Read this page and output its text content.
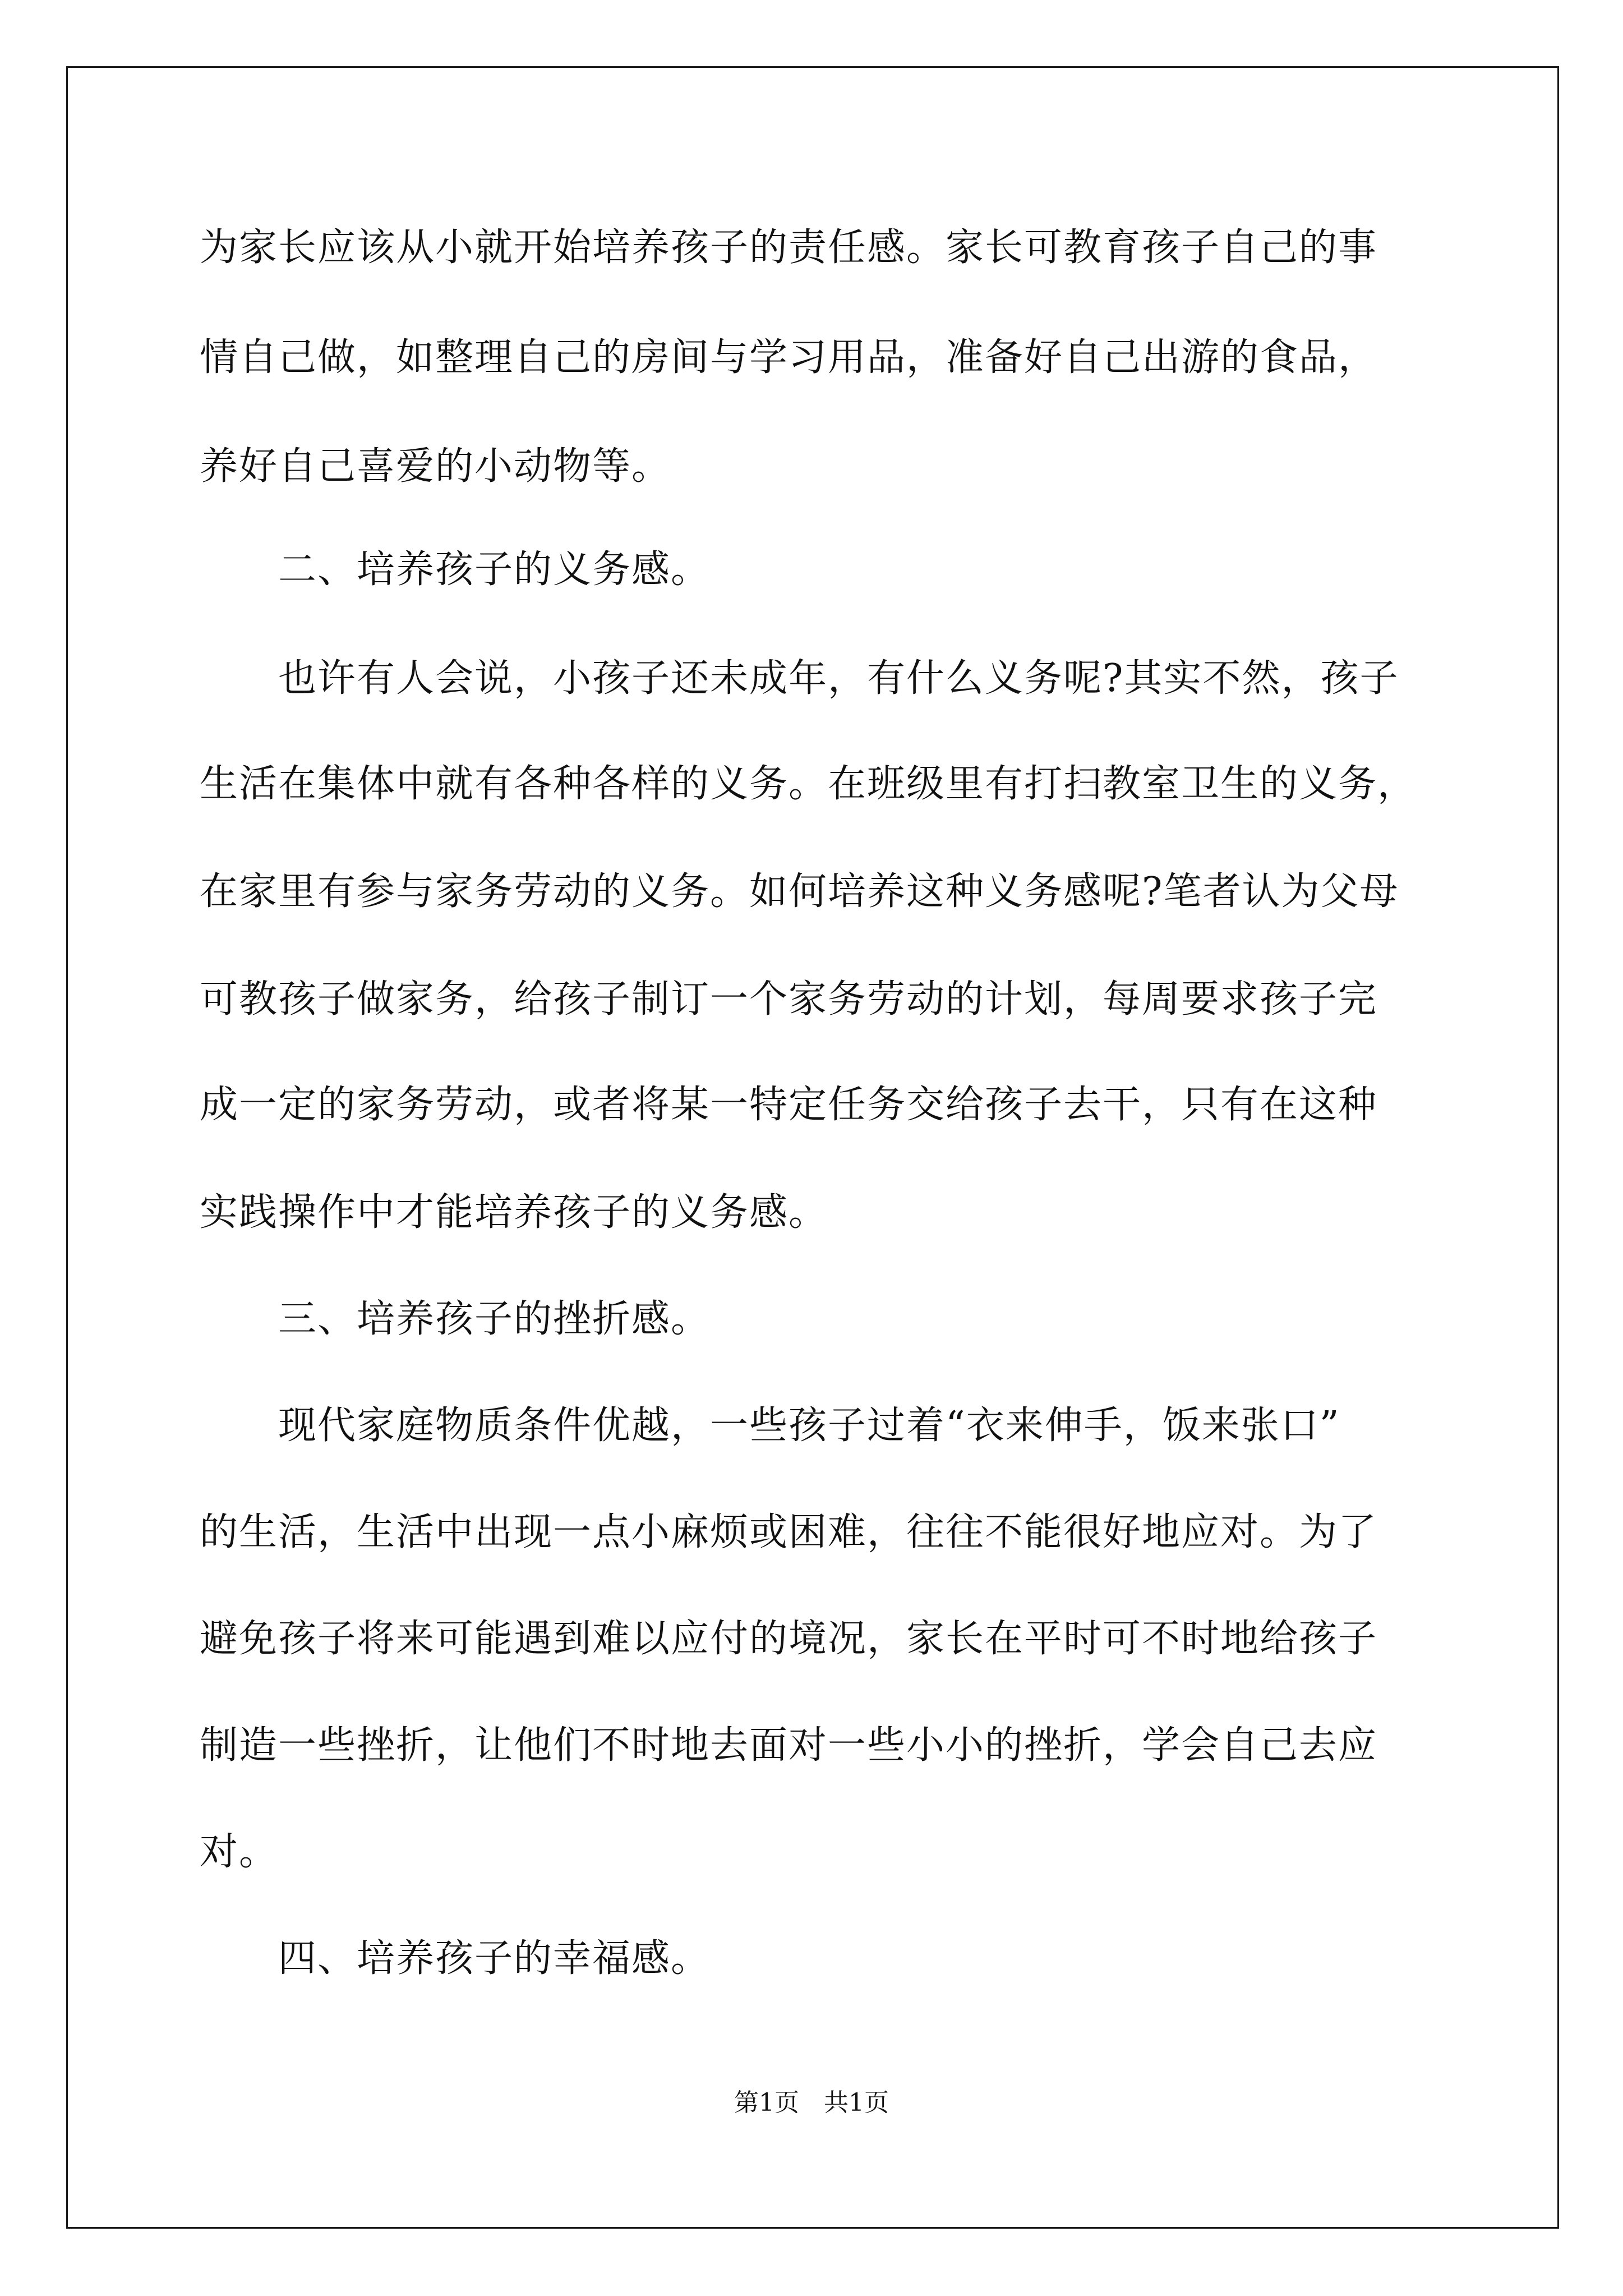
为家长应该从小就开始培养孩子的责任感。家长可教育孩子自己的事
情自己做，如整理自己的房间与学习用品，准备好自己出游的食品，
养好自己喜爱的小动物等。
　　二、培养孩子的义务感。
　　也许有人会说，小孩子还未成年，有什么义务呢?其实不然，孩子
生活在集体中就有各种各样的义务。在班级里有打扫教室卫生的义务，
在家里有参与家务劳动的义务。如何培养这种义务感呢?笔者认为父母
可教孩子做家务，给孩子制订一个家务劳动的计划，每周要求孩子完
成一定的家务劳动，或者将某一特定任务交给孩子去干，只有在这种
实践操作中才能培养孩子的义务感。
　　三、培养孩子的挫折感。
　　现代家庭物质条件优越，一些孩子过着“衣来伸手，饭来张口”
的生活，生活中出现一点小麻烦或困难，往往不能很好地应对。为了
避免孩子将来可能遇到难以应付的境况，家长在平时可不时地给孩子
制造一些挫折，让他们不时地去面对一些小小的挫折，学会自己去应
对。
　　四、培养孩子的幸福感。
第1页　共1页
